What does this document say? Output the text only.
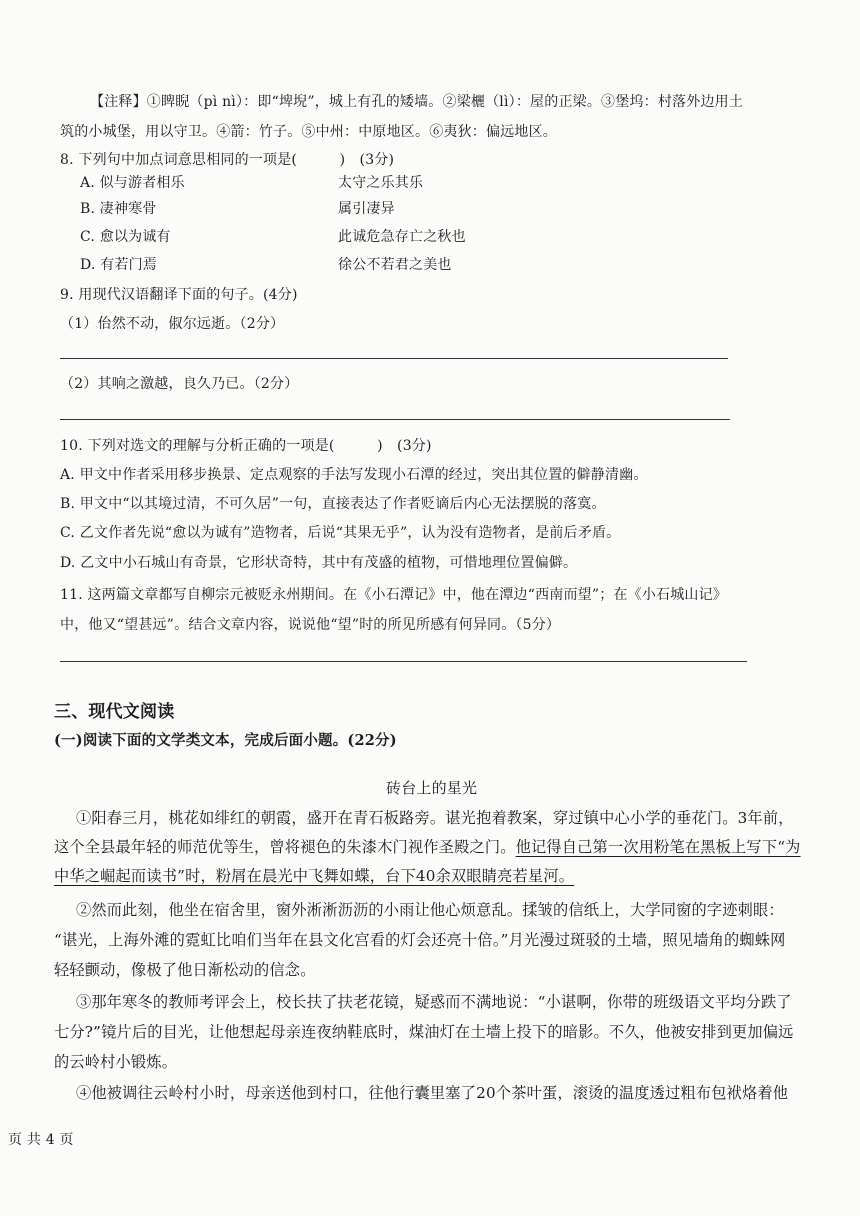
【注释】①睥睨（pì nì）：即“埤堄”，城上有孔的矮墙。②梁欐（lì）：屋的正梁。③堡坞：村落外边用土
筑的小城堡，用以守卫。④箭：竹子。⑤中州：中原地区。⑥夷狄：偏远地区。
8. 下列句中加点词意思相同的一项是(　　　)　(3分)
A. 似与游者相乐	太守之乐其乐
B. 凄神寒骨	属引凄异
C. 愈以为诚有	此诚危急存亡之秋也
D. 有若门焉	徐公不若君之美也
9. 用现代汉语翻译下面的句子。(4分)
（1）佁然不动，俶尔远逝。（2分）
（2）其响之激越，良久乃已。（2分）
10. 下列对选文的理解与分析正确的一项是(　　　)　(3分)
A. 甲文中作者采用移步换景、定点观察的手法写发现小石潭的经过，突出其位置的僻静清幽。
B. 甲文中“以其境过清，不可久居”一句，直接表达了作者贬谪后内心无法摆脱的落寞。
C. 乙文作者先说“愈以为诚有”造物者，后说“其果无乎”，认为没有造物者，是前后矛盾。
D. 乙文中小石城山有奇景，它形状奇特，其中有茂盛的植物，可惜地理位置偏僻。
11. 这两篇文章都写自柳宗元被贬永州期间。在《小石潭记》中，他在潭边“西南而望”；在《小石城山记》
中，他又“望甚远”。结合文章内容，说说他“望”时的所见所感有何异同。（5分）
三、现代文阅读
(一)阅读下面的文学类文本，完成后面小题。(22分)
砖台上的星光
①阳春三月，桃花如绯红的朝霞，盛开在青石板路旁。谌光抱着教案，穿过镇中心小学的垂花门。3年前，
这个全县最年轻的师范优等生，曾将褪色的朱漆木门视作圣殿之门。他记得自己第一次用粉笔在黑板上写下“为
中华之崛起而读书”时，粉屑在晨光中飞舞如蝶，台下40余双眼睛亮若星河。
②然而此刻，他坐在宿舍里，窗外淅淅沥沥的小雨让他心烦意乱。揉皱的信纸上，大学同窗的字迹刺眼：
“谌光，上海外滩的霓虹比咱们当年在县文化宫看的灯会还亮十倍。”月光漫过斑驳的土墙，照见墙角的蜘蛛网
轻轻颤动，像极了他日渐松动的信念。
③那年寒冬的教师考评会上，校长扶了扶老花镜，疑惑而不满地说：“小谌啊，你带的班级语文平均分跌了
七分?”镜片后的目光，让他想起母亲连夜纳鞋底时，煤油灯在土墙上投下的暗影。不久，他被安排到更加偏远
的云岭村小锻炼。
④他被调往云岭村小时，母亲送他到村口，往他行囊里塞了20个茶叶蛋，滚烫的温度透过粗布包袱烙着他
页 共 4 页
